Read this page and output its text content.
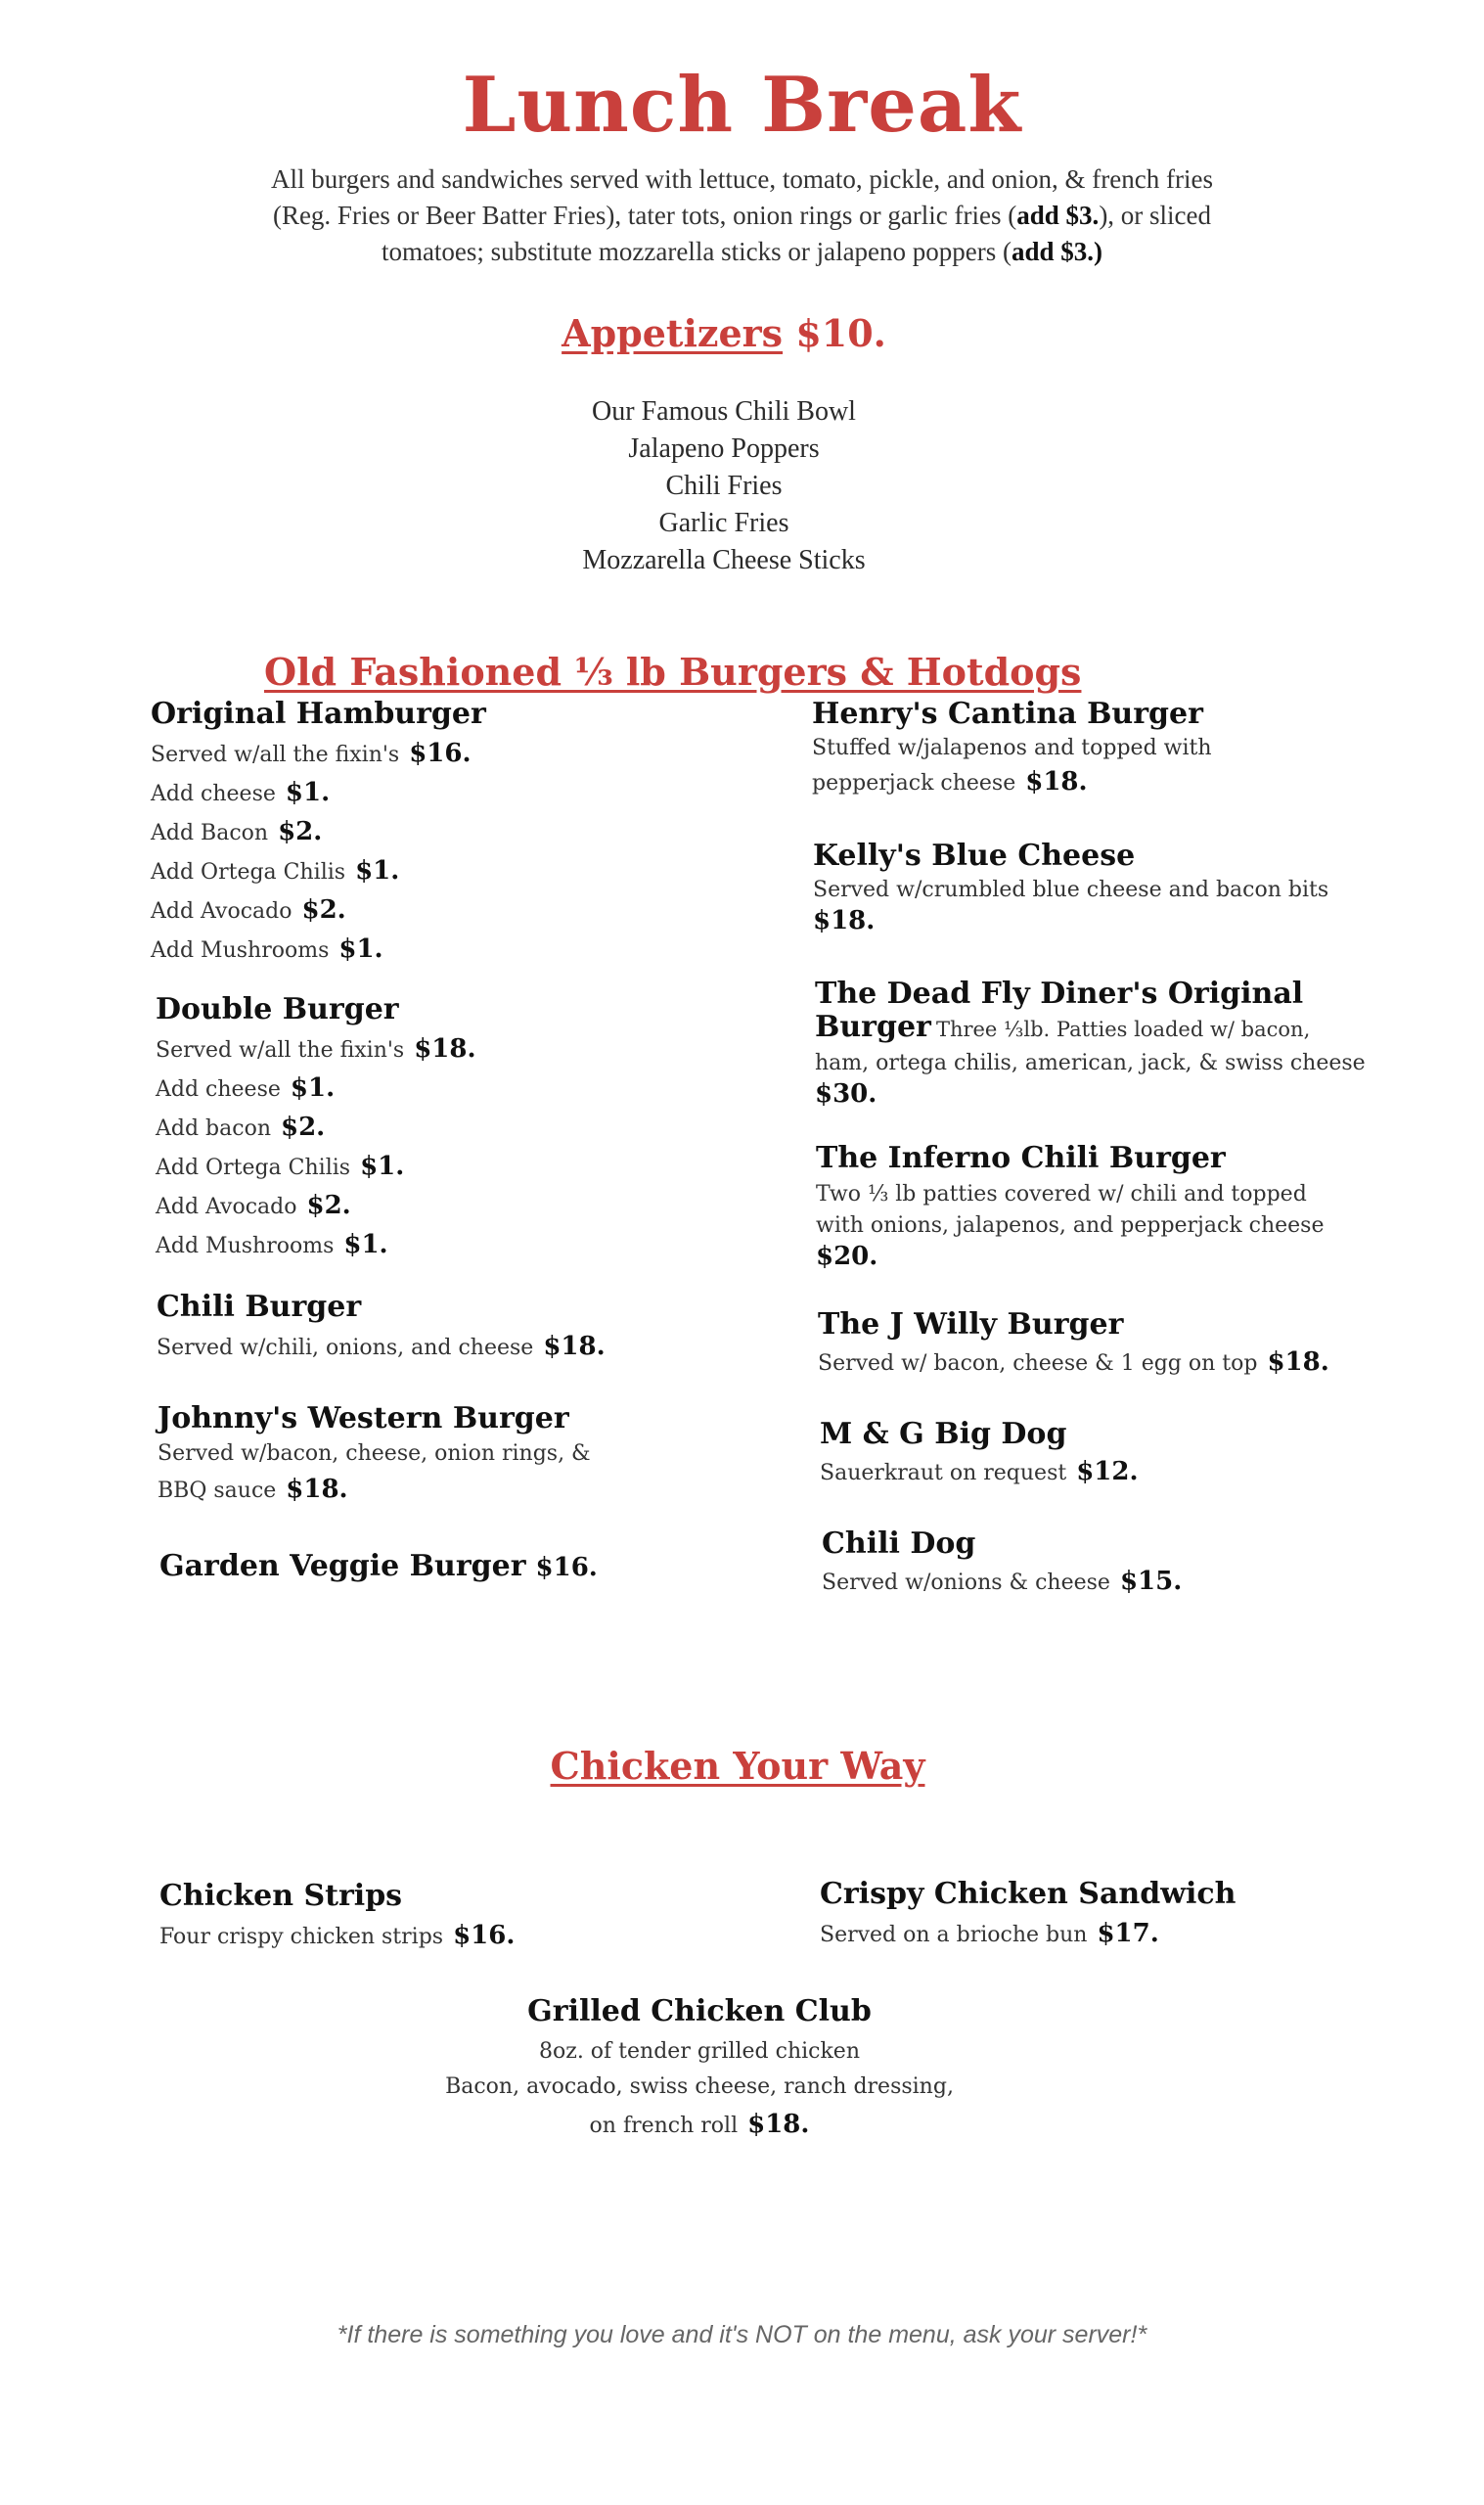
Lunch Break
All burgers and sandwiches served with lettuce, tomato, pickle, and onion, & french fries
(Reg. Fries or Beer Batter Fries), tater tots, onion rings or garlic fries (add $3.), or sliced
tomatoes; substitute mozzarella sticks or jalapeno poppers (add $3.)
Appetizers $10.
Our Famous Chili Bowl
Jalapeno Poppers
Chili Fries
Garlic Fries
Mozzarella Cheese Sticks
Old Fashioned ⅓ lb Burgers & Hotdogs
Original Hamburger
Served w/all the fixin's $16.
Add cheese $1.
Add Bacon $2.
Add Ortega Chilis $1.
Add Avocado $2.
Add Mushrooms $1.
Double Burger
Served w/all the fixin's $18.
Add cheese $1.
Add bacon $2.
Add Ortega Chilis $1.
Add Avocado $2.
Add Mushrooms $1.
Chili Burger
Served w/chili, onions, and cheese $18.
Johnny's Western Burger
Served w/bacon, cheese, onion rings, &
BBQ sauce $18.
Garden Veggie Burger $16.
Henry's Cantina Burger
Stuffed w/jalapenos and topped with
pepperjack cheese $18.
Kelly's Blue Cheese
Served w/crumbled blue cheese and bacon bits
$18.
The Dead Fly Diner's Original
Burger Three ⅓lb. Patties loaded w/ bacon,
ham, ortega chilis, american, jack, & swiss cheese
$30.
The Inferno Chili Burger
Two ⅓ lb patties covered w/ chili and topped
with onions, jalapenos, and pepperjack cheese
$20.
The J Willy Burger
Served w/ bacon, cheese & 1 egg on top $18.
M & G Big Dog
Sauerkraut on request $12.
Chili Dog
Served w/onions & cheese $15.
Chicken Your Way
Chicken Strips
Four crispy chicken strips $16.
Crispy Chicken Sandwich
Served on a brioche bun $17.
Grilled Chicken Club
8oz. of tender grilled chicken
Bacon, avocado, swiss cheese, ranch dressing,
on french roll $18.
*If there is something you love and it's NOT on the menu, ask your server!*
